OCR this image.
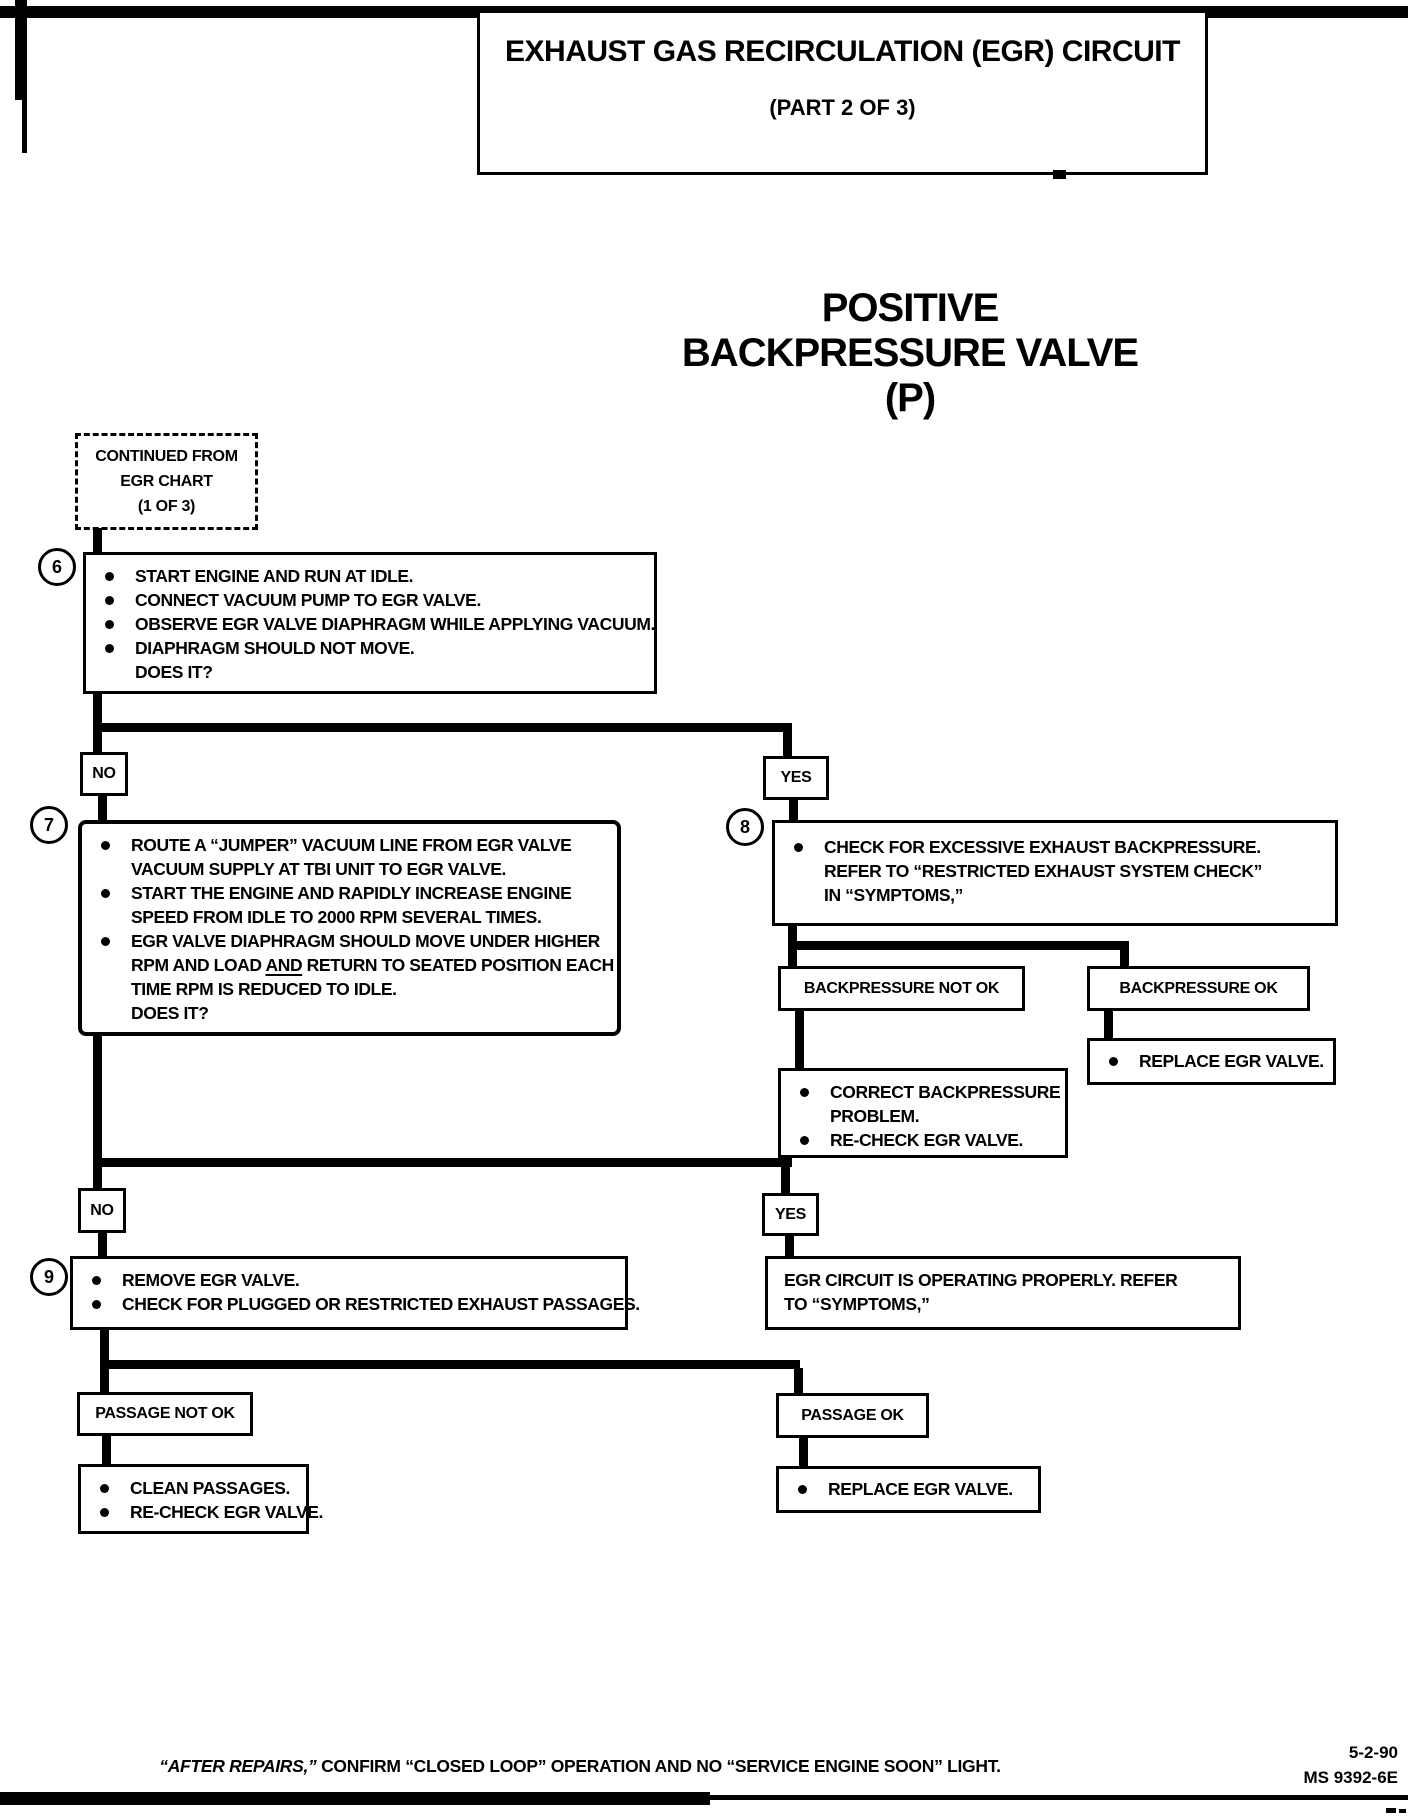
EXHAUST GAS RECIRCULATION (EGR) CIRCUIT
(PART 2 OF 3)
POSITIVE
BACKPRESSURE VALVE
(P)
CONTINUED FROM
EGR CHART
(1 OF 3)
6	START ENGINE AND RUN AT IDLE.
CONNECT VACUUM PUMP TO EGR VALVE.
OBSERVE EGR VALVE DIAPHRAGM WHILE APPLYING VACUUM.
DIAPHRAGM SHOULD NOT MOVE.
DOES IT?
NO	YES
7
ROUTE A “JUMPER” VACUUM LINE FROM EGR VALVE
VACUUM SUPPLY AT TBI UNIT TO EGR VALVE.
START THE ENGINE AND RAPIDLY INCREASE ENGINE
SPEED FROM IDLE TO 2000 RPM SEVERAL TIMES.
EGR VALVE DIAPHRAGM SHOULD MOVE UNDER HIGHER
RPM AND LOAD AND RETURN TO SEATED POSITION EACH
TIME RPM IS REDUCED TO IDLE.
DOES IT?
8
CHECK FOR EXCESSIVE EXHAUST BACKPRESSURE.
REFER TO “RESTRICTED EXHAUST SYSTEM CHECK”
IN “SYMPTOMS,”
BACKPRESSURE NOT OK	BACKPRESSURE OK
CORRECT BACKPRESSURE
PROBLEM.
RE-CHECK EGR VALVE.
REPLACE EGR VALVE.
NO	YES
9	REMOVE EGR VALVE.
CHECK FOR PLUGGED OR RESTRICTED EXHAUST PASSAGES.
EGR CIRCUIT IS OPERATING PROPERLY. REFER
TO “SYMPTOMS,”
PASSAGE NOT OK	PASSAGE OK
CLEAN PASSAGES.
RE-CHECK EGR VALVE.
REPLACE EGR VALVE.
“AFTER REPAIRS,” CONFIRM “CLOSED LOOP” OPERATION AND NO “SERVICE ENGINE SOON” LIGHT.
5-2-90
MS 9392-6E
